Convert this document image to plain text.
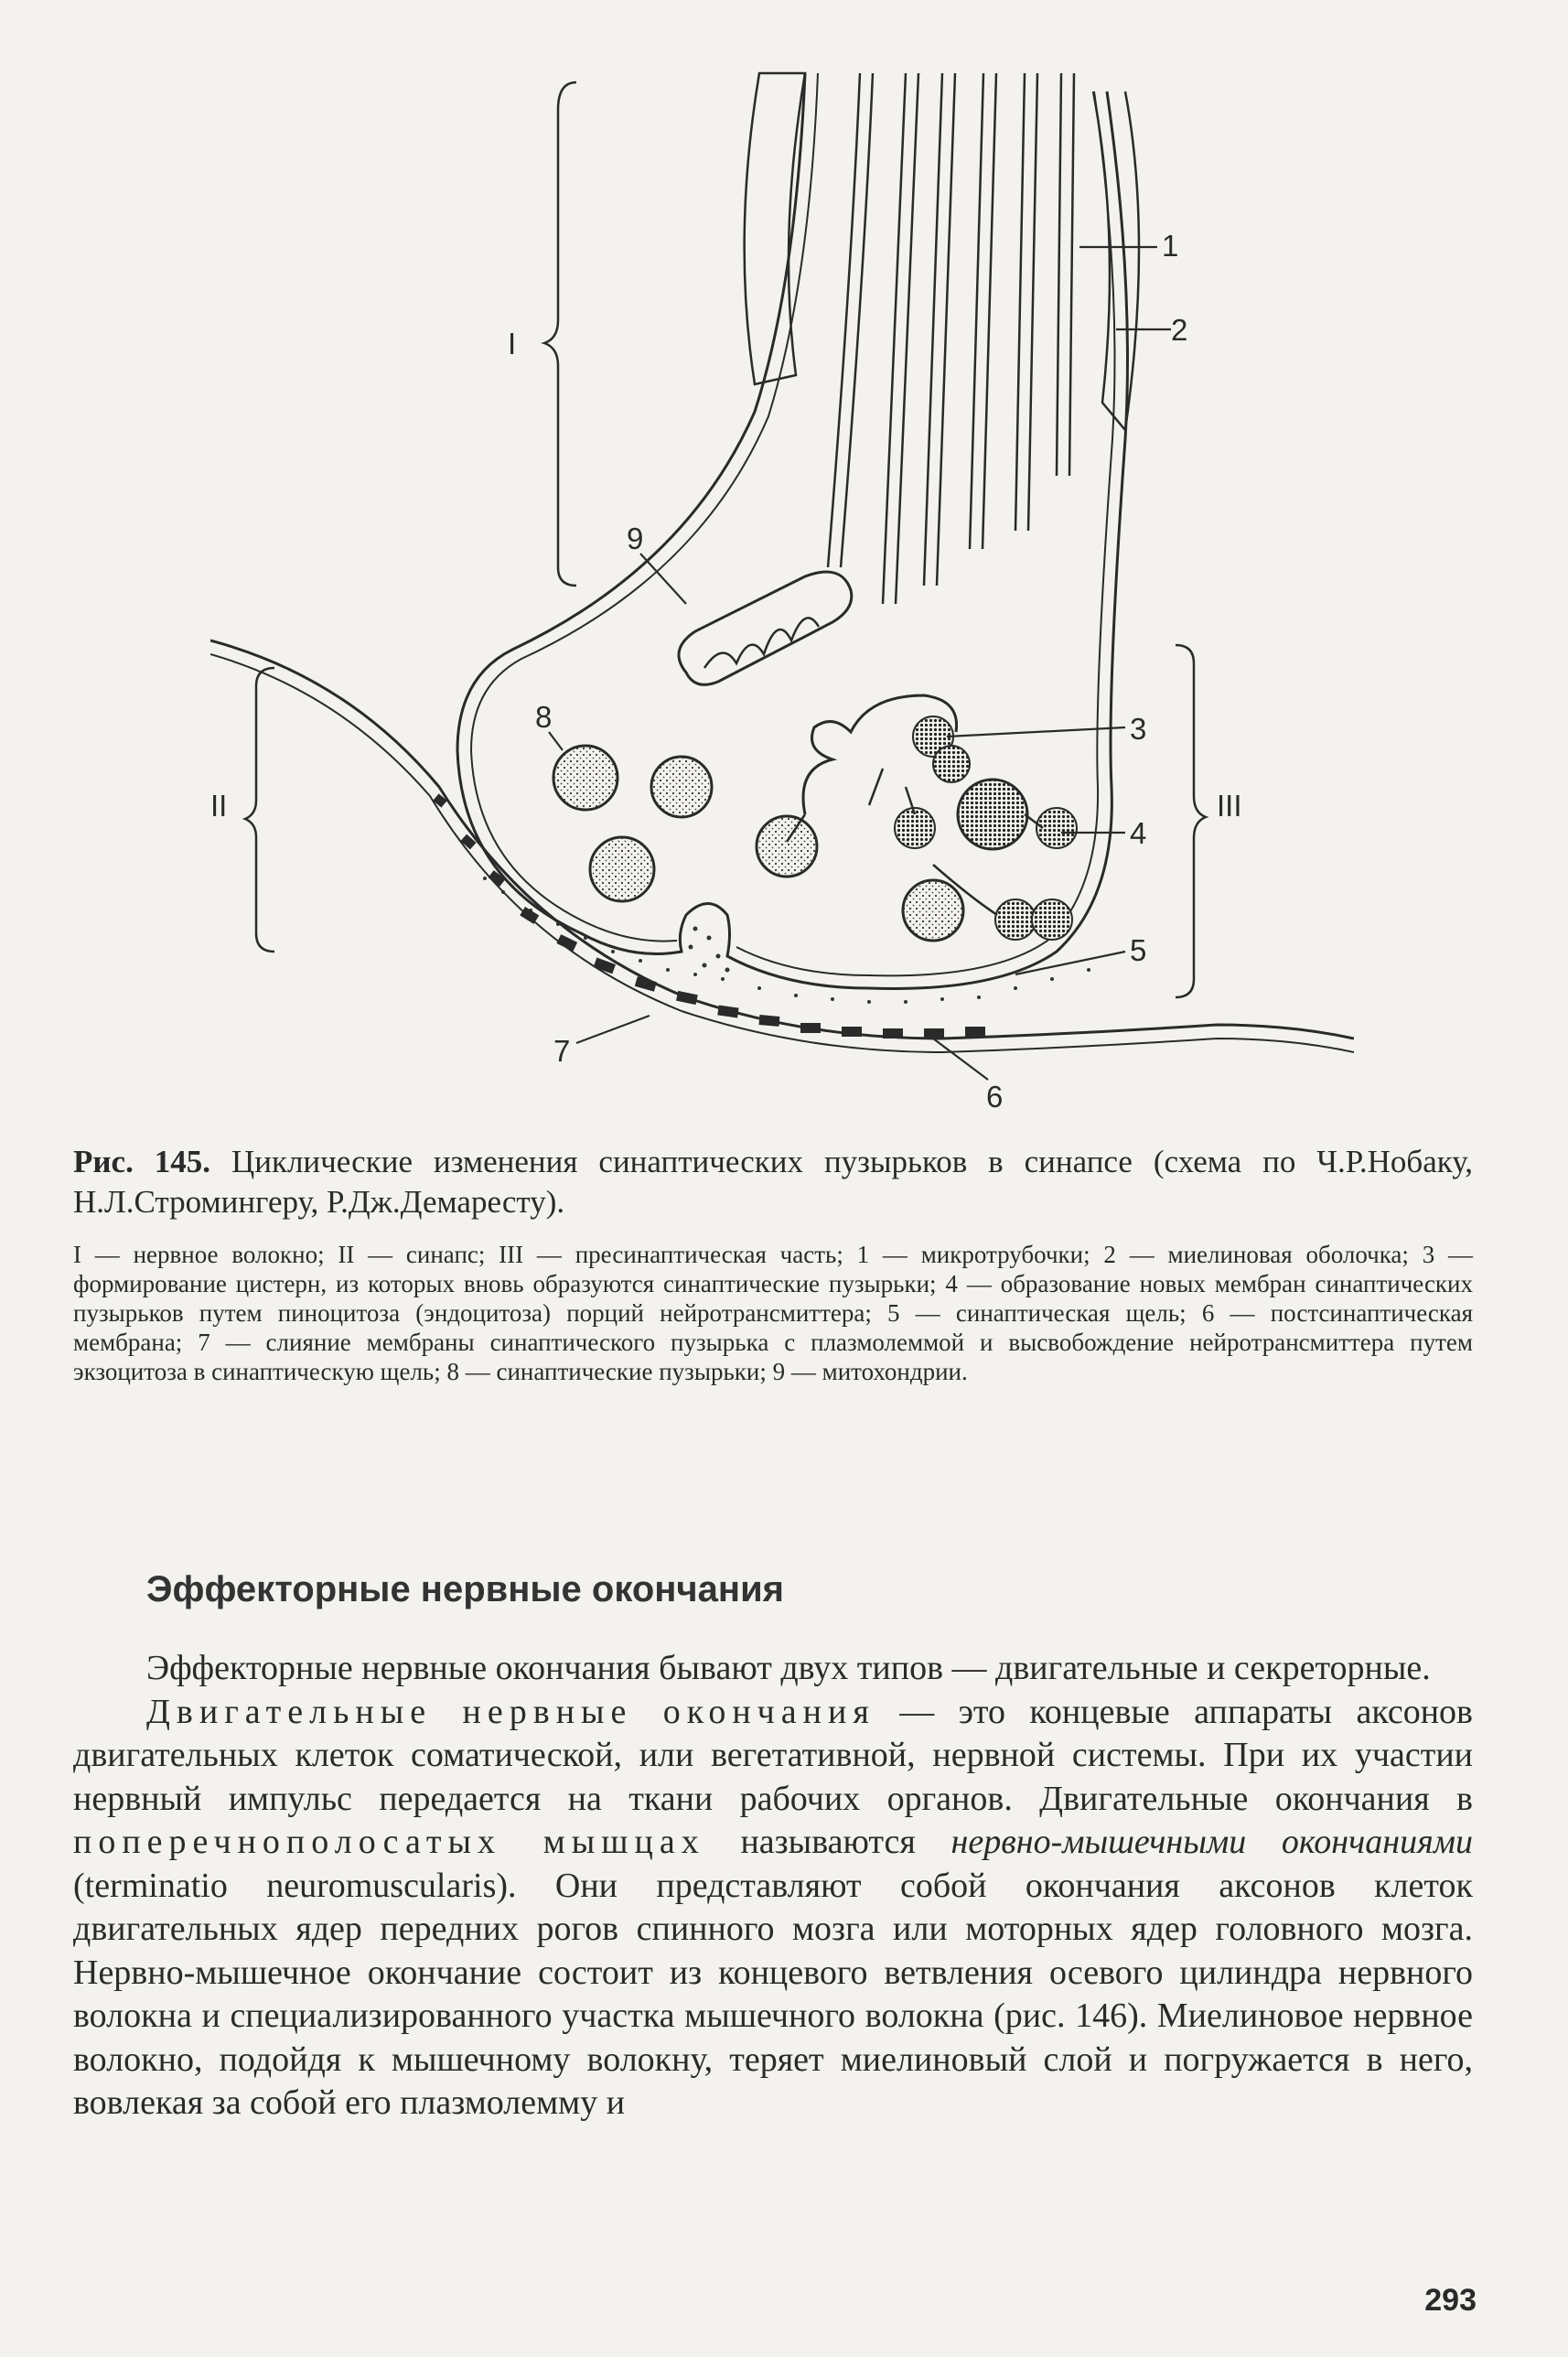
I
II	III
1
2
3
4
5
6
7
8
9
Рис. 145. Циклические изменения синаптических пузырьков в синапсе (схема по Ч.Р.Нобаку, Н.Л.Стромингеру, Р.Дж.Демаресту).
I — нервное волокно; II — синапс; III — пресинаптическая часть; 1 — микротрубочки; 2 — миелиновая оболочка; 3 — формирование цистерн, из которых вновь образуются синаптические пузырьки; 4 — образование новых мембран синаптических пузырьков путем пиноцитоза (эндоцитоза) порций нейротрансмиттера; 5 — синаптическая щель; 6 — постсинаптическая мембрана; 7 — слияние мембраны синаптического пузырька с плазмолеммой и высвобождение нейротрансмиттера путем экзоцитоза в синаптическую щель; 8 — синаптические пузырьки; 9 — митохондрии.
Эффекторные нервные окончания

Эффекторные нервные окончания бывают двух типов — двигательные и секреторные.

Двигательные нервные окончания — это концевые аппараты аксонов двигательных клеток соматической, или вегетативной, нервной системы. При их участии нервный импульс передается на ткани рабочих органов. Двигательные окончания в поперечнополосатых мышцах называются нервно-мышечными окончаниями (terminatio neuromuscularis). Они представляют собой окончания аксонов клеток двигательных ядер передних рогов спинного мозга или моторных ядер головного мозга. Нервно-мышечное окончание состоит из концевого ветвления осевого цилиндра нервного волокна и специализированного участка мышечного волокна (рис. 146). Миелиновое нервное волокно, подойдя к мышечному волокну, теряет миелиновый слой и погружается в него, вовлекая за собой его плазмолемму и

293
